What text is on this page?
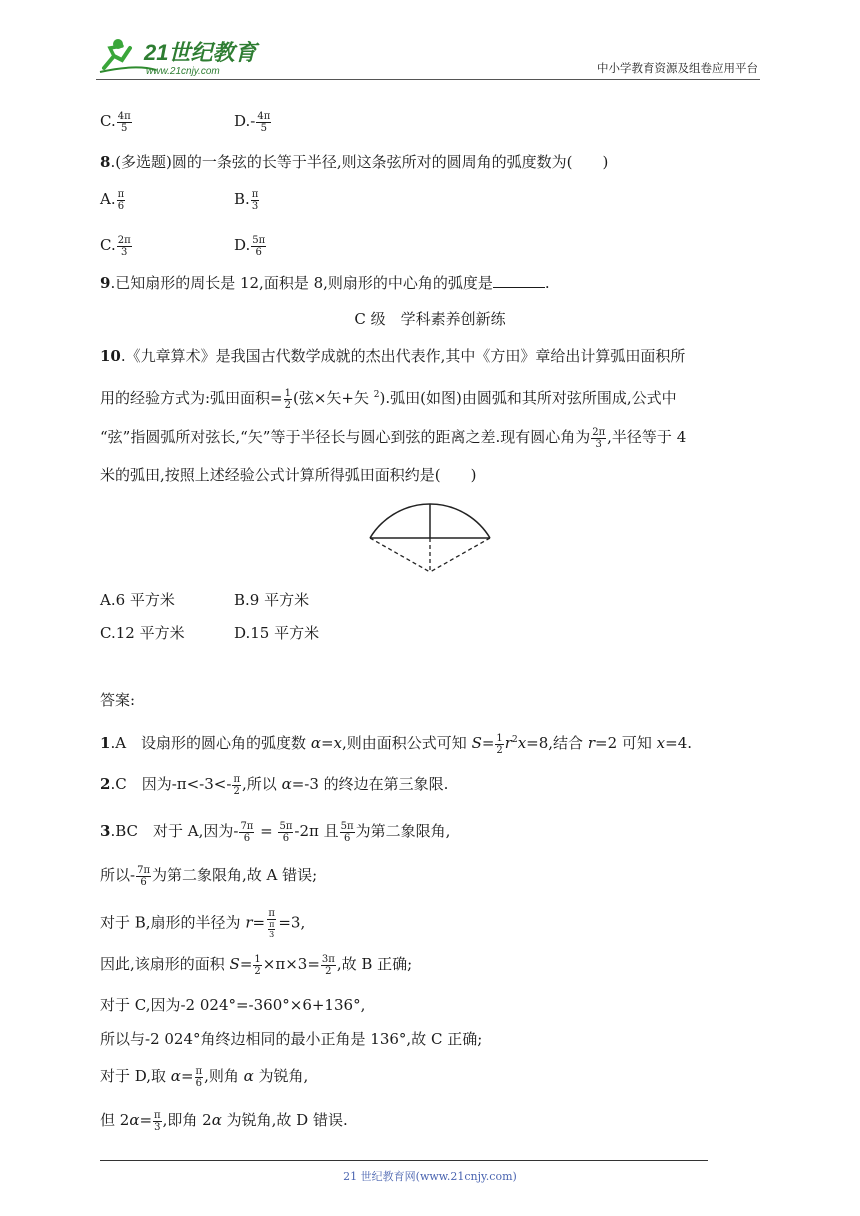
21世纪教育
www.21cnjy.com	中小学教育资源及组卷应用平台
C. $\frac{4\pi}{5}$	$D.- \frac{4\pi}{5}$
8.(多选题)圆的一条弦的长等于半径,则这条弦所对的圆周角的弧度数为( )
A. $\frac{\pi}{6}$	B. $\frac{\pi}{3}$
C. $\frac{2\pi}{3}$	D. $\frac{5\pi}{6}$
9.已知扇形的周长是 12,面积是 8,则扇形的中心角的弧度是	.
C 级　学科素养创新练
10.《九章算术》是我国古代数学成就的杰出代表作,其中《方田》章给出计算弧田面积所
用的经验方式为:弧田面积= $\frac{1}{2}$ (弦×矢+矢 $^2$).弧田(如图)由圆弧和其所对弦所围成,公式中
“弦”指圆弧所对弦长,“矢”等于半径长与圆心到弦的距离之差.现有圆心角为 $\frac{2\pi}{3}$ ,半径等于 4
米的弧田,按照上述经验公式计算所得弧田面积约是( )
A.6 平方米	B.9 平方米
C.12 平方米	D.15 平方米
答案:
1.A　设扇形的圆心角的弧度数 α=x,则由面积公式可知 $S= \frac{1}{2} r^2x=8$,结合 r=2 可知 x=4.
2.C　因为$-\pi<-3<- \frac{\pi}{2}$ ,所以 α=-3 的终边在第三象限.
3.BC　对于 A,因为- $\frac{7\pi}{6} = \frac{5\pi}{6} -2\pi$ 且 $\frac{5\pi}{6}$ 为第二象限角,
所以- $\frac{7\pi}{6}$ 为第二象限角,故 A 错误;
对于 B,扇形的半径为 $r= \frac{\pi}{\frac{\pi}{3}} =3$,
因此,该扇形的面积 $S= \frac{1}{2} \times\pi\times 3= \frac{3\pi}{2}$ ,故 B 正确;
对于 C,因为-2 024°=-360°×6+136°,
所以与-2 024°角终边相同的最小正角是 136°,故 C 正确;
对于 D,取 $\alpha= \frac{\pi}{6}$ ,则角 α 为锐角,
但 $2\alpha= \frac{\pi}{3}$ ,即角 2α 为锐角,故 D 错误.
21 世纪教育网(www.21cnjy.com)
